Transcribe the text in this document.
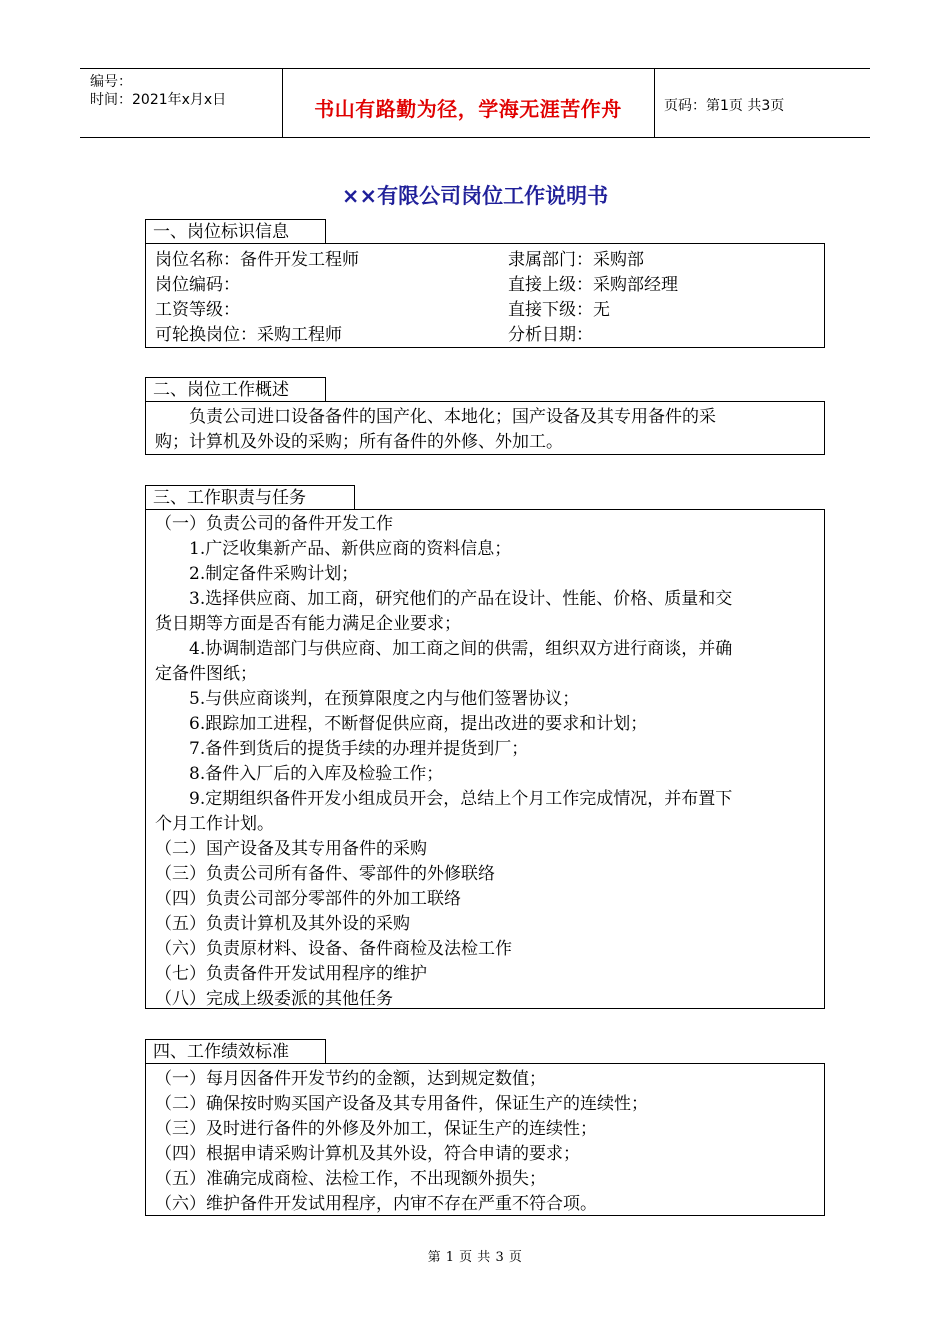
编号：
时间：2021年x月x日	书山有路勤为径，学海无涯苦作舟	页码：第1页 共3页
××有限公司岗位工作说明书
一、岗位标识信息
岗位名称：备件开发工程师	隶属部门：采购部
岗位编码：	直接上级：采购部经理
工资等级：	直接下级：无
可轮换岗位：采购工程师	分析日期：
二、岗位工作概述
负责公司进口设备备件的国产化、本地化；国产设备及其专用备件的采
购；计算机及外设的采购；所有备件的外修、外加工。
三、工作职责与任务
（一）负责公司的备件开发工作
1.广泛收集新产品、新供应商的资料信息；
2.制定备件采购计划；
3.选择供应商、加工商，研究他们的产品在设计、性能、价格、质量和交
货日期等方面是否有能力满足企业要求；
4.协调制造部门与供应商、加工商之间的供需，组织双方进行商谈，并确
定备件图纸；
5.与供应商谈判，在预算限度之内与他们签署协议；
6.跟踪加工进程，不断督促供应商，提出改进的要求和计划；
7.备件到货后的提货手续的办理并提货到厂；
8.备件入厂后的入库及检验工作；
9.定期组织备件开发小组成员开会，总结上个月工作完成情况，并布置下
个月工作计划。
（二）国产设备及其专用备件的采购
（三）负责公司所有备件、零部件的外修联络
（四）负责公司部分零部件的外加工联络
（五）负责计算机及其外设的采购
（六）负责原材料、设备、备件商检及法检工作
（七）负责备件开发试用程序的维护
（八）完成上级委派的其他任务
四、工作绩效标准
（一）每月因备件开发节约的金额，达到规定数值；
（二）确保按时购买国产设备及其专用备件，保证生产的连续性；
（三）及时进行备件的外修及外加工，保证生产的连续性；
（四）根据申请采购计算机及其外设，符合申请的要求；
（五）准确完成商检、法检工作，不出现额外损失；
（六）维护备件开发试用程序，内审不存在严重不符合项。
第 1 页 共 3 页
